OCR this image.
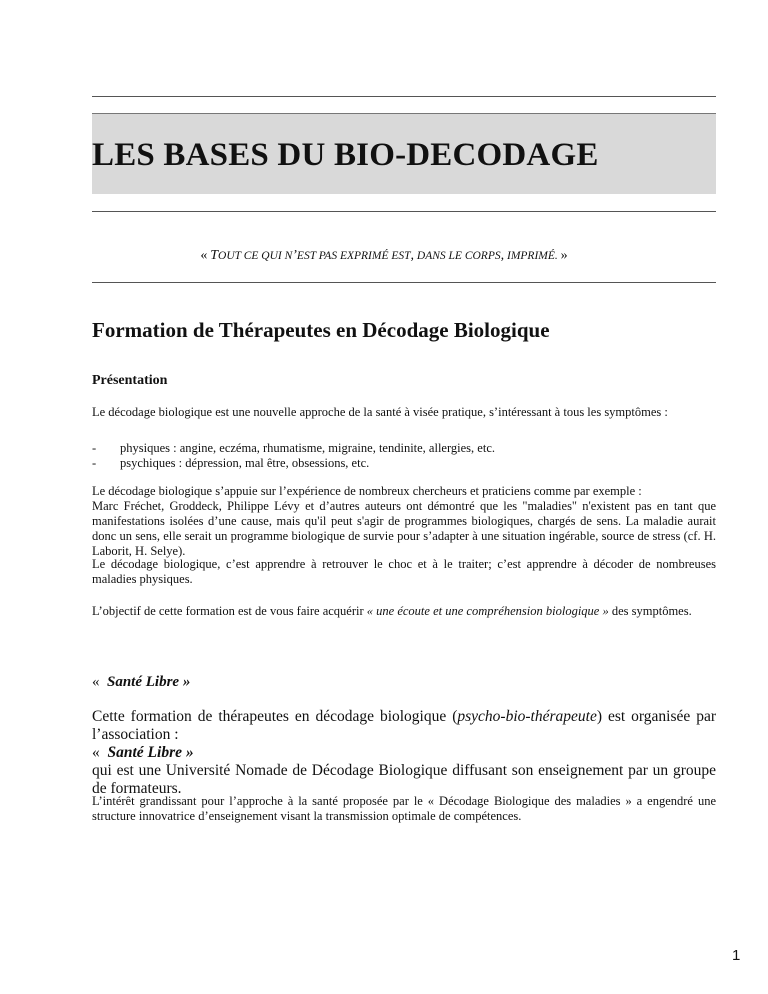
LES BASES DU BIO-DECODAGE
« TOUT CE QUI N’EST PAS EXPRIMÉ EST, DANS LE CORPS, IMPRIMÉ. »
Formation de Thérapeutes en Décodage Biologique
Présentation

Le décodage biologique est une nouvelle approche de la santé à visée pratique, s’intéressant à tous les symptômes :

- physiques : angine, eczéma, rhumatisme, migraine, tendinite, allergies, etc.
- psychiques : dépression, mal être, obsessions, etc.

Le décodage biologique s’appuie sur l’expérience de nombreux chercheurs et praticiens comme par exemple :

Marc Fréchet, Groddeck, Philippe Lévy et d’autres auteurs ont démontré que les "maladies" n'existent pas en tant que manifestations isolées d’une cause, mais qu'il peut s'agir de programmes biologiques, chargés de sens. La maladie aurait donc un sens, elle serait un programme biologique de survie pour s’adapter à une situation ingérable, source de stress (cf. H. Laborit, H. Selye).

Le décodage biologique, c’est apprendre à retrouver le choc et à le traiter; c’est apprendre à décoder de nombreuses maladies physiques.

L’objectif de cette formation est de vous faire acquérir « une écoute et une compréhension biologique » des symptômes.

« Santé Libre »

Cette formation de thérapeutes en décodage biologique (psycho-bio-thérapeute) est organisée par l’association :
« Santé Libre »
qui est une Université Nomade de Décodage Biologique diffusant son enseignement par un groupe de formateurs.

L’intérêt grandissant pour l’approche à la santé proposée par le « Décodage Biologique des maladies » a engendré une structure innovatrice d’enseignement visant la transmission optimale de compétences.

1
